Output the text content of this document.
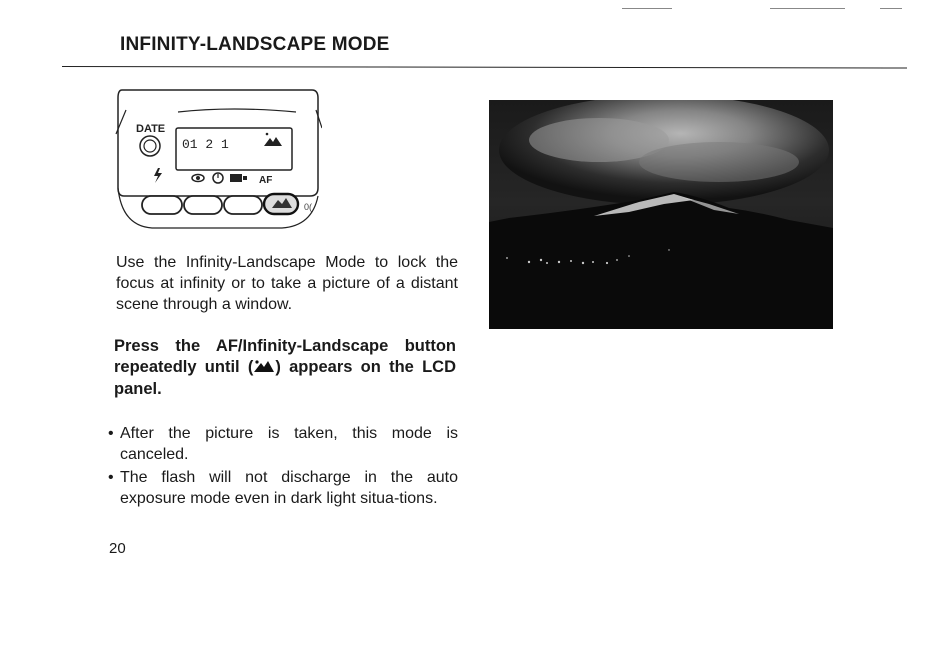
INFINITY-LANDSCAPE MODE
01 2 1
DATE
AF
0(

Use the Infinity-Landscape Mode to lock the focus at infinity or to take a picture of a distant scene through a window.

Press the AF/Infinity-Landscape button repeatedly until ( ) appears on the LCD panel.
• After the picture is taken, this mode is canceled.
• The flash will not discharge in the auto exposure mode even in dark light situa-tions.
20
